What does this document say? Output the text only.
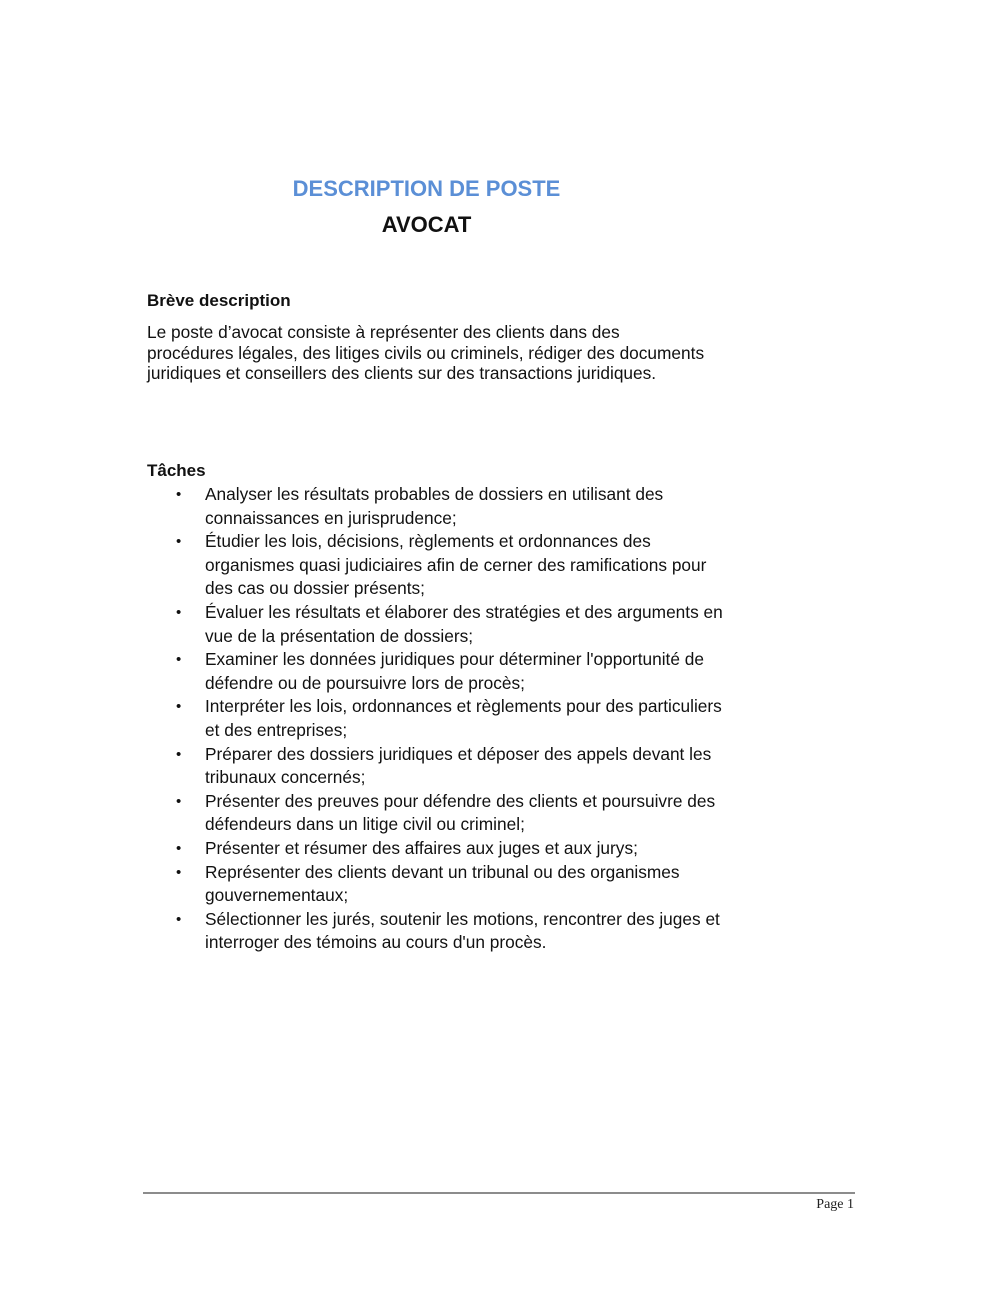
DESCRIPTION DE POSTE
AVOCAT
Brève description
Le poste d’avocat consiste à représenter des clients dans des procédures légales, des litiges civils ou criminels, rédiger des documents juridiques et conseillers des clients sur des transactions juridiques.
Tâches
• Analyser les résultats probables de dossiers en utilisant des connaissances en jurisprudence;
• Étudier les lois, décisions, règlements et ordonnances des organismes quasi judiciaires afin de cerner des ramifications pour des cas ou dossier présents;
• Évaluer les résultats et élaborer des stratégies et des arguments en vue de la présentation de dossiers;
• Examiner les données juridiques pour déterminer l'opportunité de défendre ou de poursuivre lors de procès;
• Interpréter les lois, ordonnances et règlements pour des particuliers et des entreprises;
• Préparer des dossiers juridiques et déposer des appels devant les tribunaux concernés;
• Présenter des preuves pour défendre des clients et poursuivre des défendeurs dans un litige civil ou criminel;
• Présenter et résumer des affaires aux juges et aux jurys;
• Représenter des clients devant un tribunal ou des organismes gouvernementaux;
• Sélectionner les jurés, soutenir les motions, rencontrer des juges et interroger des témoins au cours d'un procès.
Page 1
